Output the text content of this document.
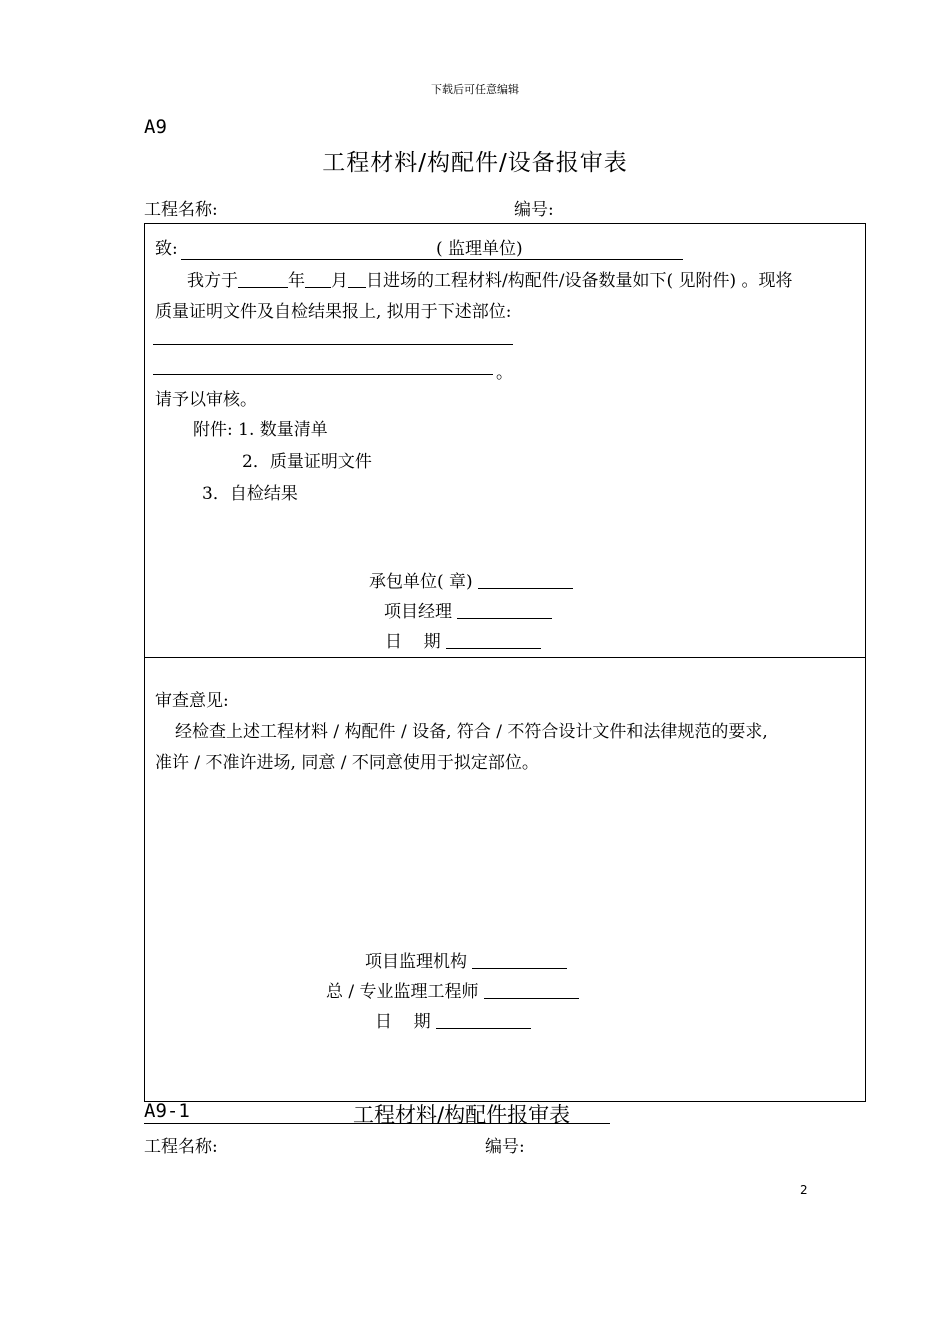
下载后可任意编辑
A9
工程材料/构配件/设备报审表
工程名称:	编号:
致:	( 监理单位)
我方于	年 月 日进场的工程材料/构配件/设备数量如下( 见附件) 。现将
质量证明文件及自检结果报上, 拟用于下述部位:
。
请予以审核。
附件: 1. 数量清单
2．质量证明文件
3．自检结果
承包单位( 章)
项目经理
日    期
审查意见:
经检查上述工程材料 / 构配件 / 设备, 符合 / 不符合设计文件和法律规范的要求,
准许 / 不准许进场, 同意 / 不同意使用于拟定部位。
项目监理机构
总 / 专业监理工程师
日    期
A9-1	工程材料/构配件报审表
工程名称:	编号:
2
